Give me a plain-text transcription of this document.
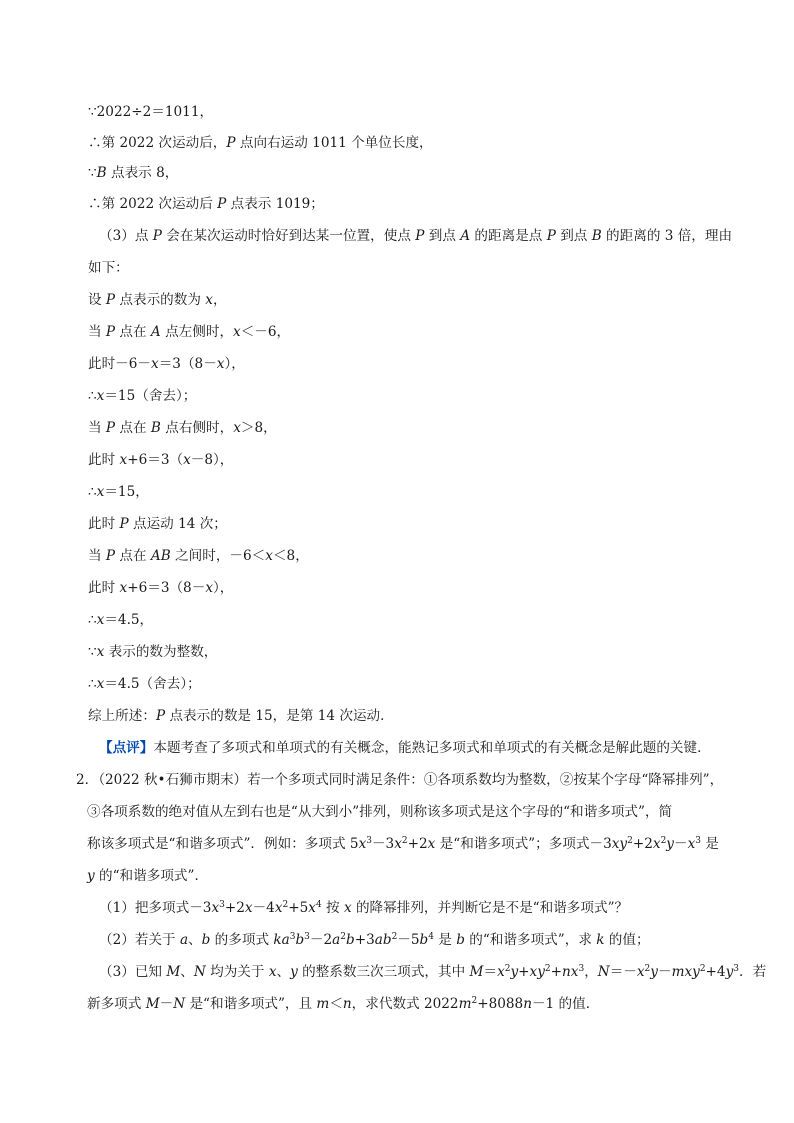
∵2022÷2＝1011，
∴第 2022 次运动后，P 点向右运动 1011 个单位长度，
∵B 点表示 8，
∴第 2022 次运动后 P 点表示 1019；
（3）点 P 会在某次运动时恰好到达某一位置，使点 P 到点 A 的距离是点 P 到点 B 的距离的 3 倍，理由
如下：
设 P 点表示的数为 x，
当 P 点在 A 点左侧时，x＜－6，
此时－6－x＝3（8－x），
∴x＝15（舍去）；
当 P 点在 B 点右侧时，x＞8，
此时 x+6＝3（x－8），
∴x＝15，
此时 P 点运动 14 次；
当 P 点在 AB 之间时，－6＜x＜8，
此时 x+6＝3（8－x），
∴x＝4.5，
∵x 表示的数为整数，
∴x＝4.5（舍去）；
综上所述：P 点表示的数是 15，是第 14 次运动．
【点评】本题考查了多项式和单项式的有关概念，能熟记多项式和单项式的有关概念是解此题的关键．
2．（2022 秋•石狮市期末）若一个多项式同时满足条件：①各项系数均为整数，②按某个字母“降幂排列”，
③各项系数的绝对值从左到右也是“从大到小”排列，则称该多项式是这个字母的“和谐多项式”，简
称该多项式是“和谐多项式”．例如：多项式 $5x^3-3x^2+2x$ 是“和谐多项式”；多项式$-3xy^2+2x^2y-x^3$ 是
y 的“和谐多项式”．
（1）把多项式$-3x^3+2x-4x^2+5x^4$ 按 x 的降幂排列，并判断它是不是“和谐多项式”？
（2）若关于 a、b 的多项式 $ka^3b^3-2a^2b+3ab^2-5b^4$ 是 b 的“和谐多项式”，求 k 的值；
（3）已知 M、N 均为关于 x、y 的整系数三次三项式，其中 $M=x^2y+xy^2+nx^3$，$N=-x^2y-mxy^2+4y^3$．若
新多项式 M－N 是“和谐多项式”，且 m＜n，求代数式 $2022m^2+8088n-1$ 的值．
